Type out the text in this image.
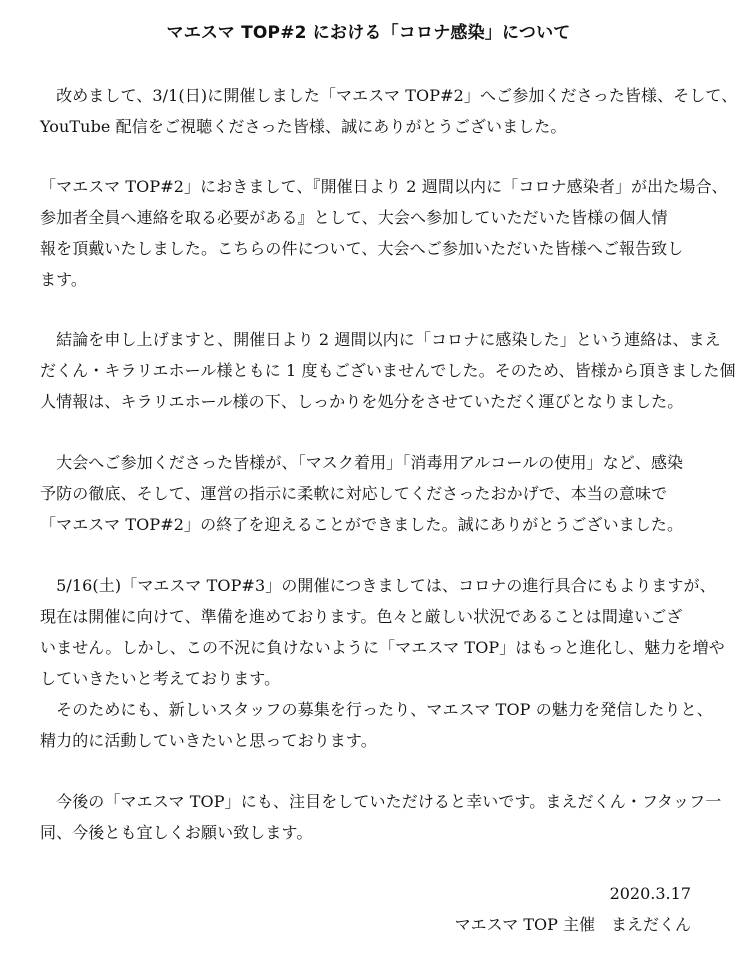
マエスマ TOP#2 における「コロナ感染」について

　改めまして、3/1(日)に開催しました「マエスマ TOP#2」へご参加くださった皆様、そして、

YouTube 配信をご視聴くださった皆様、誠にありがとうございました。

「マエスマ TOP#2」におきまして、『開催日より 2 週間以内に「コロナ感染者」が出た場合、

参加者全員へ連絡を取る必要がある』として、大会へ参加していただいた皆様の個人情

報を頂戴いたしました。こちらの件について、大会へご参加いただいた皆様へご報告致し

ます。

　結論を申し上げますと、開催日より 2 週間以内に「コロナに感染した」という連絡は、まえ

だくん・キラリエホール様ともに 1 度もございませんでした。そのため、皆様から頂きました個

人情報は、キラリエホール様の下、しっかりを処分をさせていただく運びとなりました。

　大会へご参加くださった皆様が、「マスク着用」「消毒用アルコールの使用」など、感染

予防の徹底、そして、運営の指示に柔軟に対応してくださったおかげで、本当の意味で

「マエスマ TOP#2」の終了を迎えることができました。誠にありがとうございました。

　5/16(土)「マエスマ TOP#3」の開催につきましては、コロナの進行具合にもよりますが、

現在は開催に向けて、準備を進めております。色々と厳しい状況であることは間違いござ

いません。しかし、この不況に負けないように「マエスマ TOP」はもっと進化し、魅力を増や

していきたいと考えております。

　そのためにも、新しいスタッフの募集を行ったり、マエスマ TOP の魅力を発信したりと、

精力的に活動していきたいと思っております。

　今後の「マエスマ TOP」にも、注目をしていただけると幸いです。まえだくん・フタッフ一

同、今後とも宜しくお願い致します。

2020.3.17

マエスマ TOP 主催　まえだくん
